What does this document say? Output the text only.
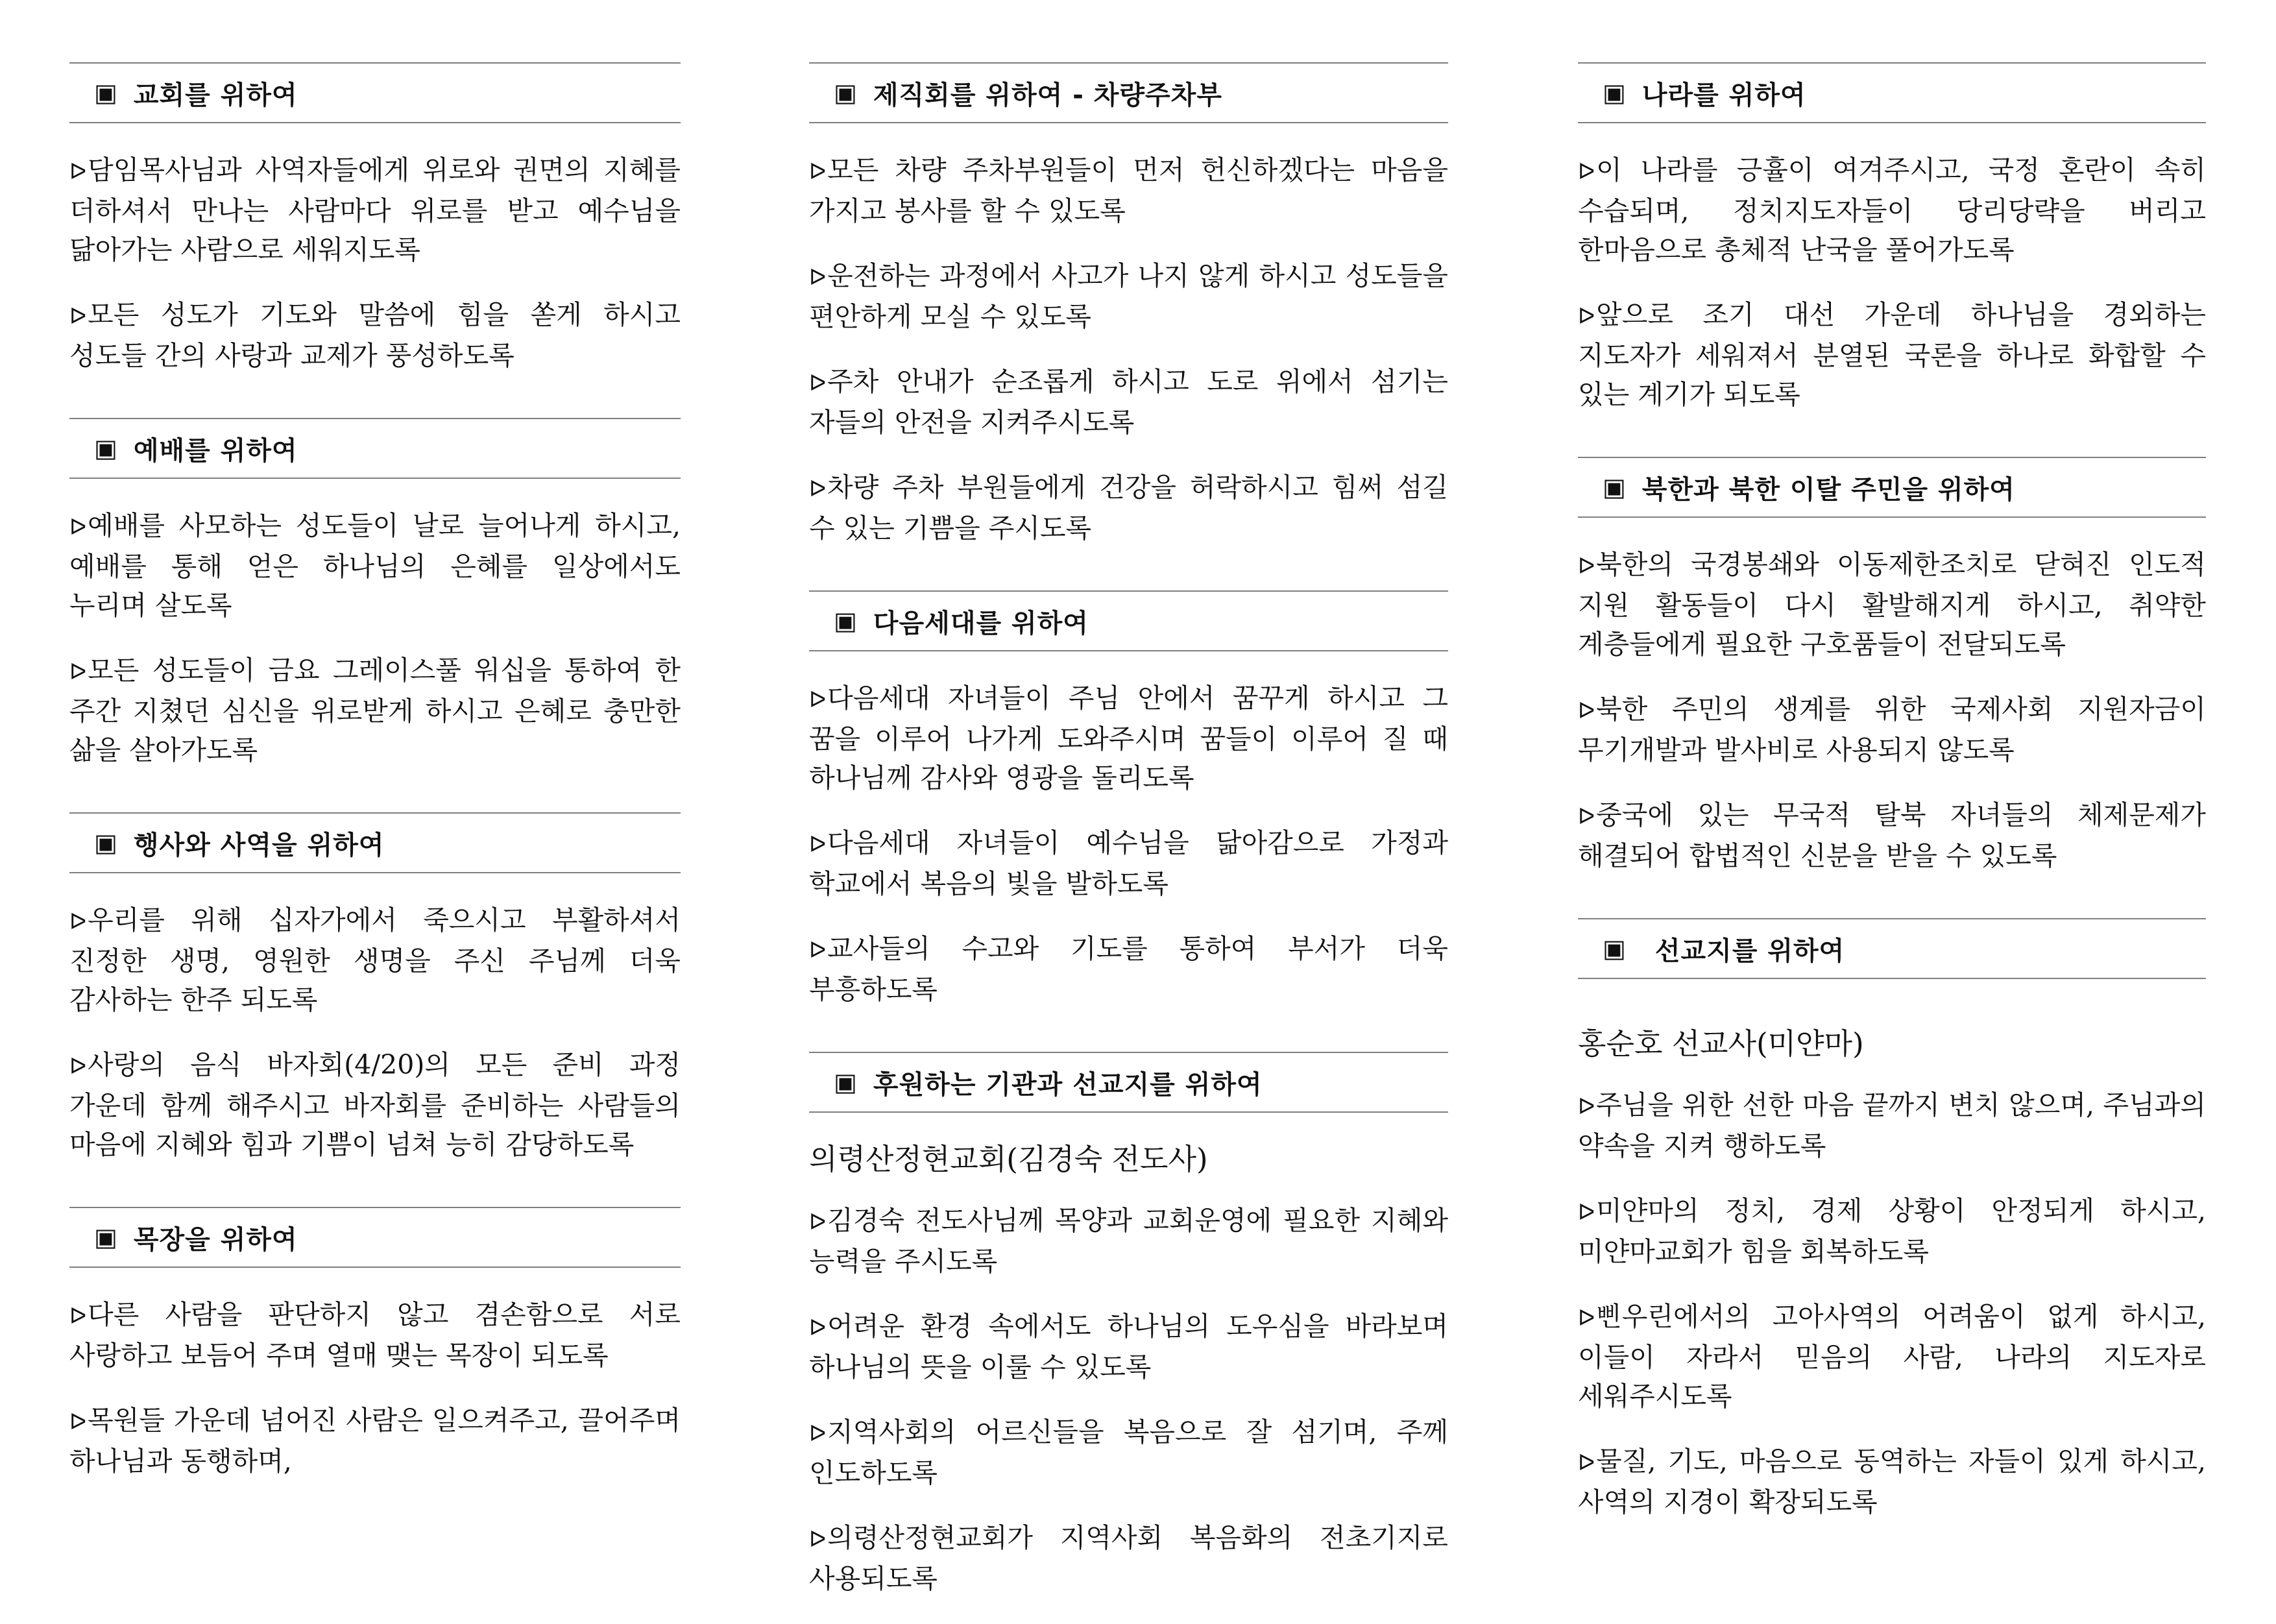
▣ 교회를 위하여

ᐅ담임목사님과 사역자들에게 위로와 권면의 지혜를 더하셔서 만나는 사람마다 위로를 받고 예수님을 닮아가는 사람으로 세워지도록

ᐅ모든 성도가 기도와 말씀에 힘을 쏟게 하시고 성도들 간의 사랑과 교제가 풍성하도록

▣ 예배를 위하여

ᐅ예배를 사모하는 성도들이 날로 늘어나게 하시고, 예배를 통해 얻은 하나님의 은혜를 일상에서도 누리며 살도록

ᐅ모든 성도들이 금요 그레이스풀 워십을 통하여 한 주간 지쳤던 심신을 위로받게 하시고 은혜로 충만한 삶을 살아가도록

▣ 행사와 사역을 위하여

ᐅ우리를 위해 십자가에서 죽으시고 부활하셔서 진정한 생명, 영원한 생명을 주신 주님께 더욱 감사하는 한주 되도록

ᐅ사랑의 음식 바자회(4/20)의 모든 준비 과정 가운데 함께 해주시고 바자회를 준비하는 사람들의 마음에 지혜와 힘과 기쁨이 넘쳐 능히 감당하도록

▣ 목장을 위하여

ᐅ다른 사람을 판단하지 않고 겸손함으로 서로 사랑하고 보듬어 주며 열매 맺는 목장이 되도록

ᐅ목원들 가운데 넘어진 사람은 일으켜주고, 끌어주며 하나님과 동행하며,

▣ 제직회를 위하여 - 차량주차부

ᐅ모든 차량 주차부원들이 먼저 헌신하겠다는 마음을 가지고 봉사를 할 수 있도록

ᐅ운전하는 과정에서 사고가 나지 않게 하시고 성도들을 편안하게 모실 수 있도록

ᐅ주차 안내가 순조롭게 하시고 도로 위에서 섬기는 자들의 안전을 지켜주시도록

ᐅ차량 주차 부원들에게 건강을 허락하시고 힘써 섬길 수 있는 기쁨을 주시도록

▣ 다음세대를 위하여

ᐅ다음세대 자녀들이 주님 안에서 꿈꾸게 하시고 그 꿈을 이루어 나가게 도와주시며 꿈들이 이루어 질 때 하나님께 감사와 영광을 돌리도록

ᐅ다음세대 자녀들이 예수님을 닮아감으로 가정과 학교에서 복음의 빛을 발하도록

ᐅ교사들의 수고와 기도를 통하여 부서가 더욱 부흥하도록

▣ 후원하는 기관과 선교지를 위하여

의령산정현교회(김경숙 전도사)

ᐅ김경숙 전도사님께 목양과 교회운영에 필요한 지혜와 능력을 주시도록

ᐅ어려운 환경 속에서도 하나님의 도우심을 바라보며 하나님의 뜻을 이룰 수 있도록

ᐅ지역사회의 어르신들을 복음으로 잘 섬기며, 주께 인도하도록

ᐅ의령산정현교회가 지역사회 복음화의 전초기지로 사용되도록

▣ 나라를 위하여

ᐅ이 나라를 긍휼이 여겨주시고, 국정 혼란이 속히 수습되며, 정치지도자들이 당리당략을 버리고 한마음으로 총체적 난국을 풀어가도록

ᐅ앞으로 조기 대선 가운데 하나님을 경외하는 지도자가 세워져서 분열된 국론을 하나로 화합할 수 있는 계기가 되도록

▣ 북한과 북한 이탈 주민을 위하여

ᐅ북한의 국경봉쇄와 이동제한조치로 닫혀진 인도적 지원 활동들이 다시 활발해지게 하시고, 취약한 계층들에게 필요한 구호품들이 전달되도록

ᐅ북한 주민의 생계를 위한 국제사회 지원자금이 무기개발과 발사비로 사용되지 않도록

ᐅ중국에 있는 무국적 탈북 자녀들의 체제문제가 해결되어 합법적인 신분을 받을 수 있도록

▣ 선교지를 위하여

홍순호 선교사(미얀마)

ᐅ주님을 위한 선한 마음 끝까지 변치 않으며, 주님과의 약속을 지켜 행하도록

ᐅ미얀마의 정치, 경제 상황이 안정되게 하시고, 미얀마교회가 힘을 회복하도록

ᐅ삔우린에서의 고아사역의 어려움이 없게 하시고, 이들이 자라서 믿음의 사람, 나라의 지도자로 세워주시도록

ᐅ물질, 기도, 마음으로 동역하는 자들이 있게 하시고, 사역의 지경이 확장되도록
